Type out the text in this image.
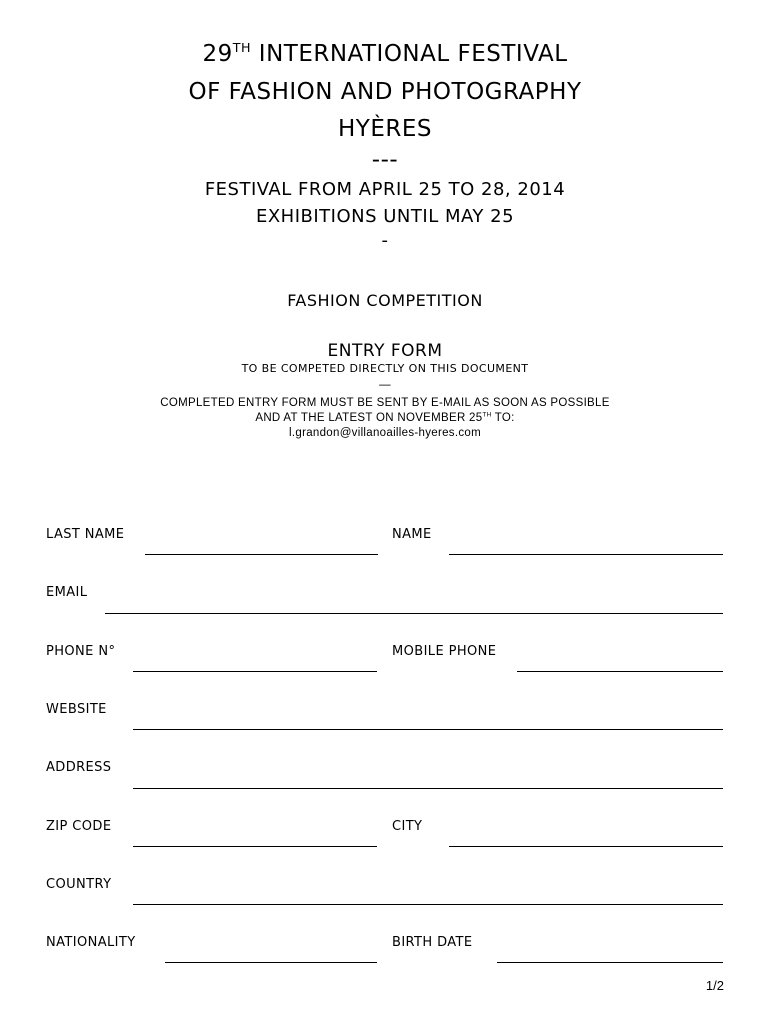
29TH INTERNATIONAL FESTIVAL
OF FASHION AND PHOTOGRAPHY
HYÈRES
---
FESTIVAL FROM APRIL 25 TO 28, 2014
EXHIBITIONS UNTIL MAY 25
-
FASHION COMPETITION
ENTRY FORM
TO BE COMPETED DIRECTLY ON THIS DOCUMENT
—
COMPLETED ENTRY FORM MUST BE SENT BY E-MAIL AS SOON AS POSSIBLE
AND AT THE LATEST ON NOVEMBER 25TH TO:
l.grandon@villanoailles-hyeres.com
LAST NAME	NAME
EMAIL
PHONE N°	MOBILE PHONE
WEBSITE
ADDRESS
ZIP CODE	CITY
COUNTRY
NATIONALITY	BIRTH DATE
1/2
